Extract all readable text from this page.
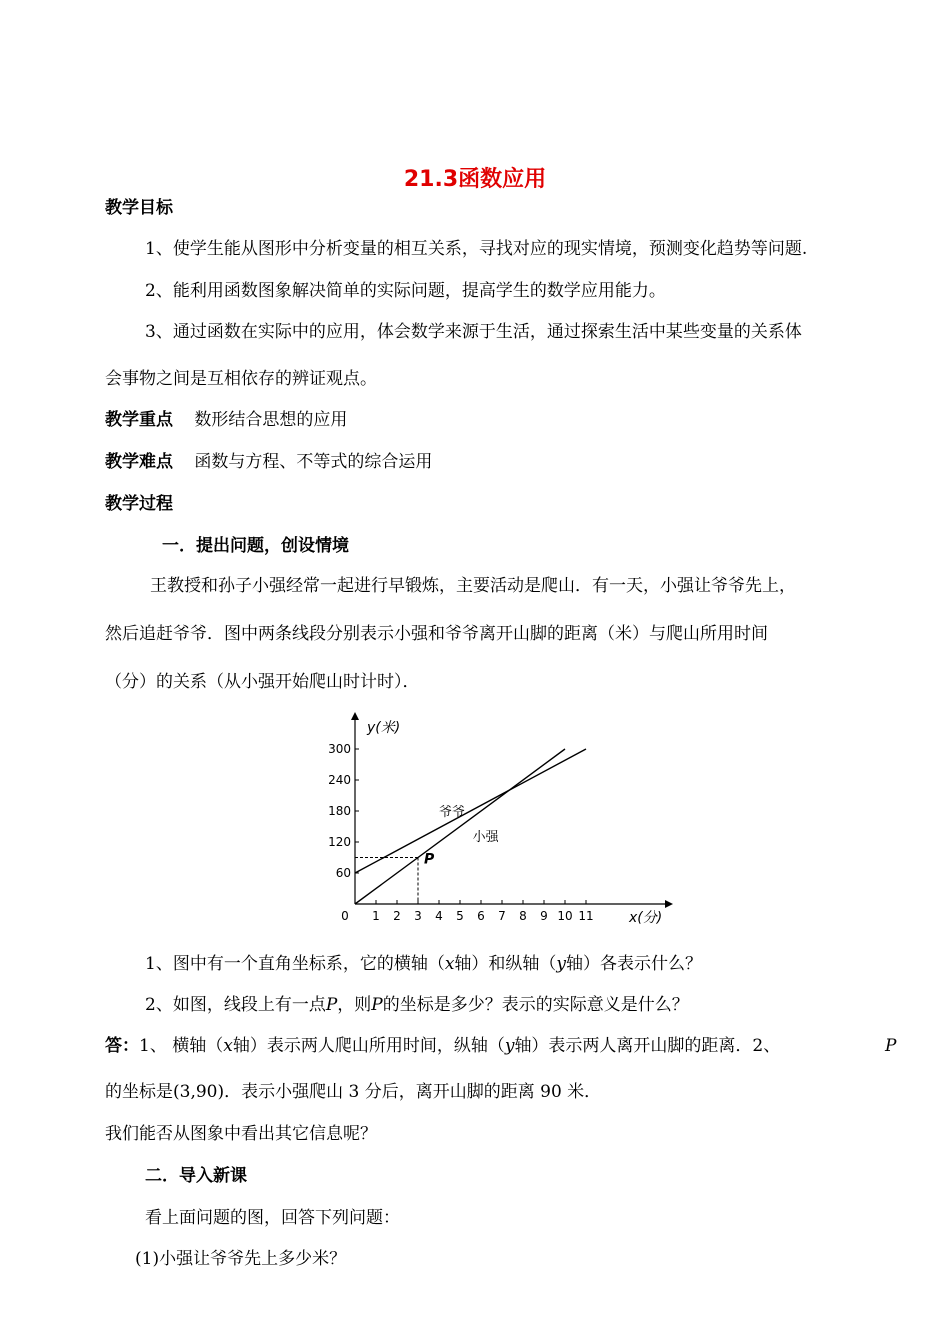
21.3函数应用
教学目标
1、使学生能从图形中分析变量的相互关系，寻找对应的现实情境，预测变化趋势等问题.
2、能利用函数图象解决简单的实际问题，提高学生的数学应用能力。
3、通过函数在实际中的应用，体会数学来源于生活，通过探索生活中某些变量的关系体
会事物之间是互相依存的辨证观点。
教学重点 数形结合思想的应用
教学难点 函数与方程、不等式的综合运用
教学过程
一．提出问题，创设情境
王教授和孙子小强经常一起进行早锻炼，主要活动是爬山．有一天，小强让爷爷先上，
然后追赶爷爷．图中两条线段分别表示小强和爷爷离开山脚的距离（米）与爬山所用时间
（分）的关系（从小强开始爬山时计时）．
0 1 2 3 4 5 6 7 8 9 10 11
60
120
180
240
300
y(米)
x(分)
爷爷
小强
P
1、图中有一个直角坐标系，它的横轴（x轴）和纵轴（y轴）各表示什么？
2、如图，线段上有一点P，则P的坐标是多少？表示的实际意义是什么？
答：1、 横轴（x轴）表示两人爬山所用时间，纵轴（y轴）表示两人离开山脚的距离．2、	P
的坐标是(3,90)．表示小强爬山 3 分后，离开山脚的距离 90 米．
我们能否从图象中看出其它信息呢？
二．导入新课
看上面问题的图，回答下列问题：
(1)小强让爷爷先上多少米？
